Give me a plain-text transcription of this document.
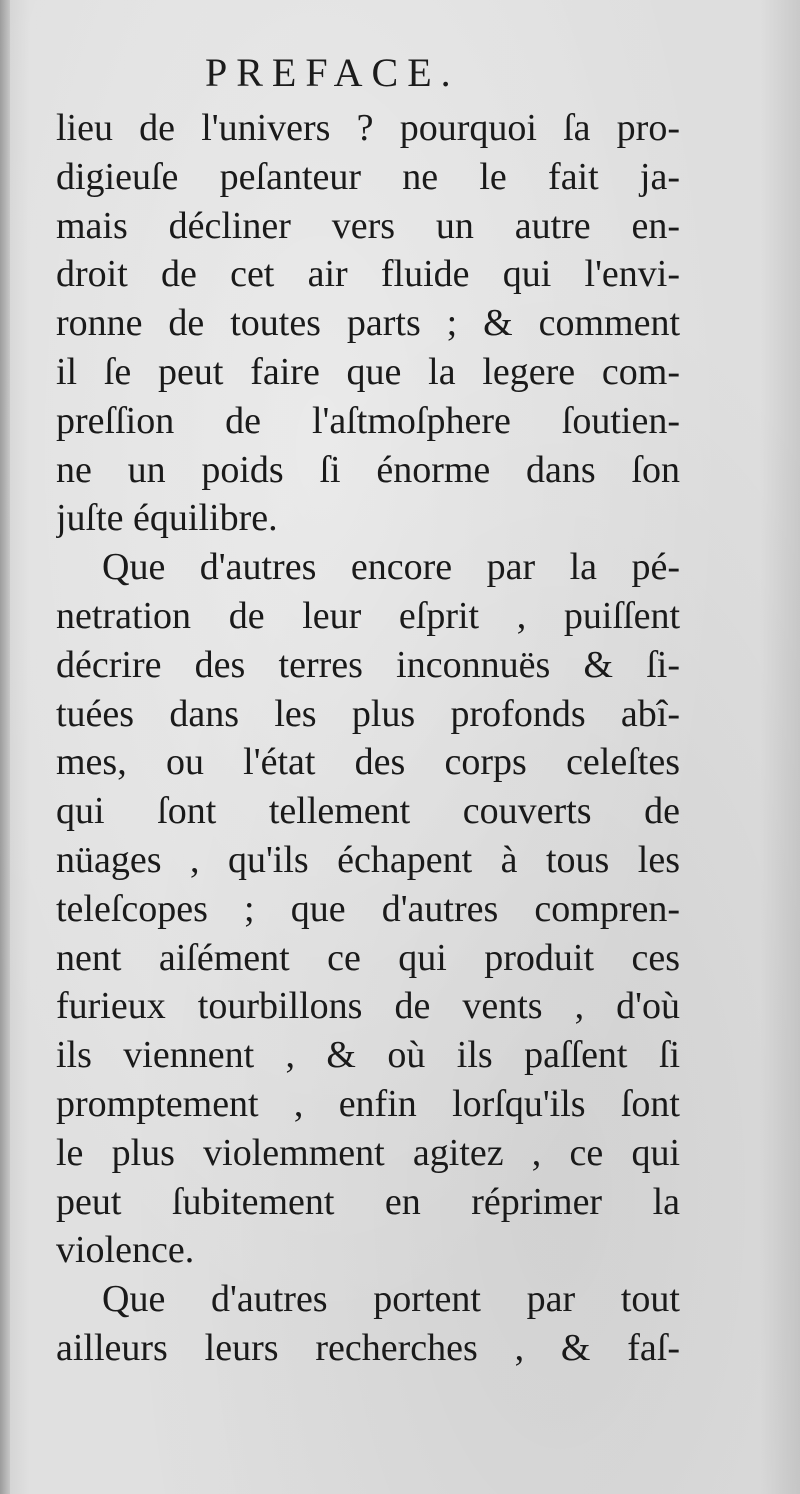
PREFACE.
lieu de l'univers ? pourquoi ſa pro-
digieuſe peſanteur ne le fait ja-
mais décliner vers un autre en-
droit de cet air fluide qui l'envi-
ronne de toutes parts ; & comment
il ſe peut faire que la legere com-
preſſion de l'aſtmoſphere ſoutien-
ne un poids ſi énorme dans ſon
juſte équilibre.
Que d'autres encore par la pé-
netration de leur eſprit , puiſſent
décrire des terres inconnuës & ſi-
tuées dans les plus profonds abî-
mes, ou l'état des corps celeſtes
qui ſont tellement couverts de
nüages , qu'ils échapent à tous les
teleſcopes ; que d'autres compren-
nent aiſément ce qui produit ces
furieux tourbillons de vents , d'où
ils viennent , & où ils paſſent ſi
promptement , enfin lorſqu'ils ſont
le plus violemment agitez , ce qui
peut ſubitement en réprimer la
violence.
Que d'autres portent par tout
ailleurs leurs recherches , & faſ-
